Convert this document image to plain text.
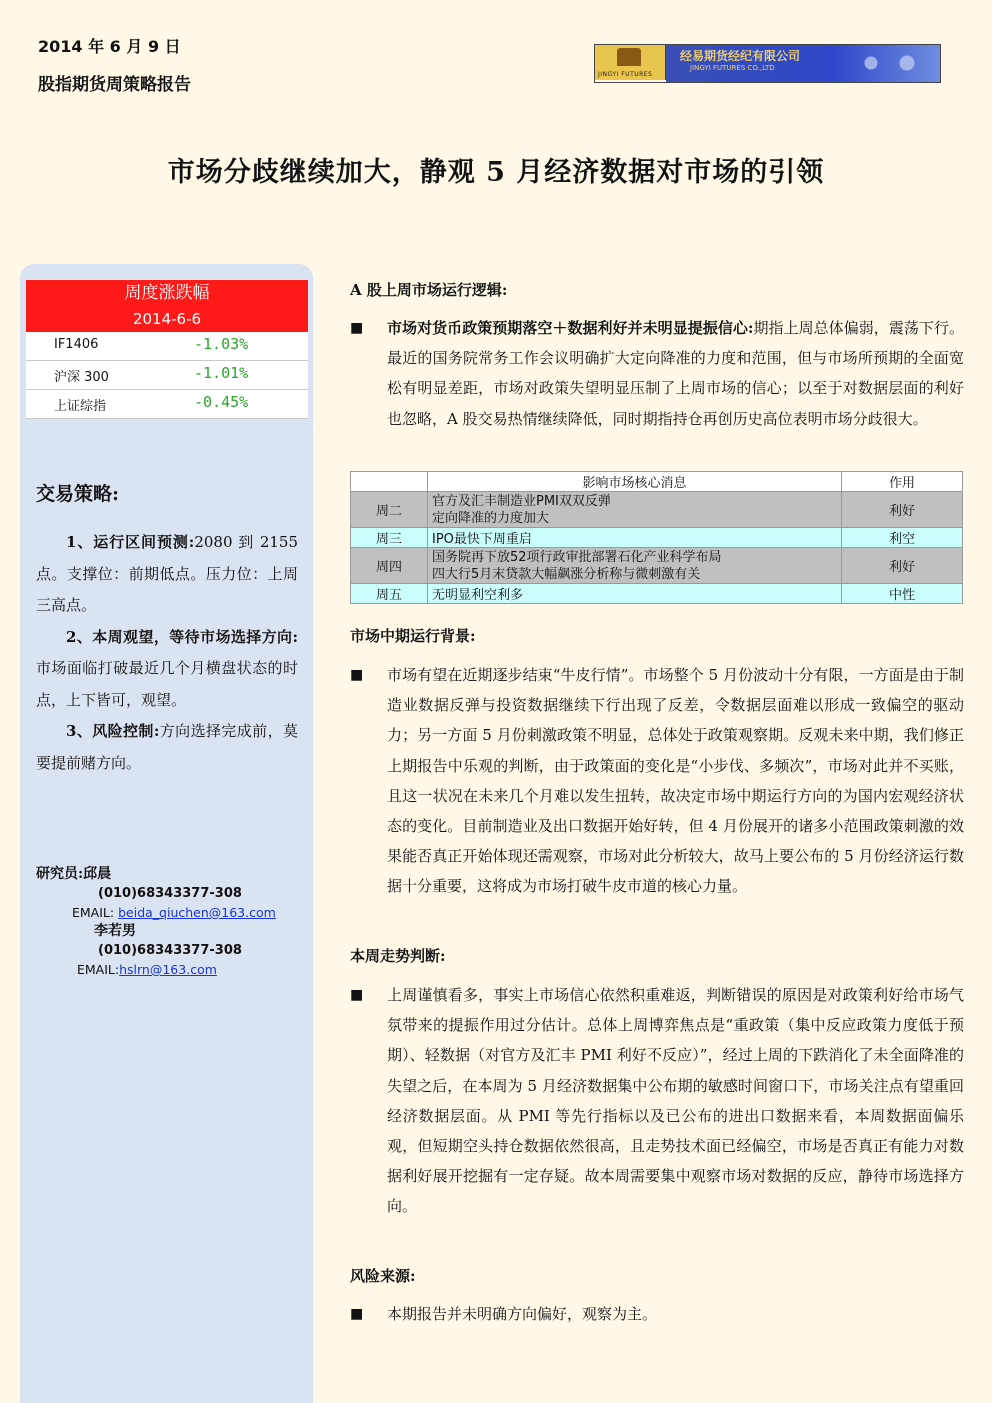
2014 年 6 月 9 日
股指期货周策略报告
JINGYI FUTURES
经易期货经纪有限公司
JINGYI FUTURES CO.,LTD
市场分歧继续加大，静观 5 月经济数据对市场的引领
周度涨跌幅
2014-6-6
IF1406	-1.03%
沪深 300	-1.01%
上证综指	-0.45%
交易策略:

1、运行区间预测:2080 到 2155 点。支撑位：前期低点。压力位：上周三高点。

2、本周观望，等待市场选择方向:市场面临打破最近几个月横盘状态的时点，上下皆可，观望。

3、风险控制:方向选择完成前，莫要提前赌方向。

研究员:邱晨
(010)68343377-308
EMAIL: beida_qiuchen@163.com
李若男
(010)68343377-308
EMAIL:hslrn@163.com
A 股上周市场运行逻辑:
■ 市场对货币政策预期落空＋数据利好并未明显提振信心:期指上周总体偏弱，震荡下行。最近的国务院常务工作会议明确扩大定向降准的力度和范围，但与市场所预期的全面宽松有明显差距，市场对政策失望明显压制了上周市场的信心；以至于对数据层面的利好也忽略，A 股交易热情继续降低，同时期指持仓再创历史高位表明市场分歧很大。
	影响市场核心消息	作用
周二	官方及汇丰制造业PMI双双反弹
定向降准的力度加大	利好
周三	IPO最快下周重启	利空
周四	国务院再下放52项行政审批部署石化产业科学布局
四大行5月末贷款大幅飙涨分析称与微刺激有关	利好
周五	无明显利空利多	中性
市场中期运行背景:
■ 市场有望在近期逐步结束“牛皮行情”。市场整个 5 月份波动十分有限，一方面是由于制造业数据反弹与投资数据继续下行出现了反差，令数据层面难以形成一致偏空的驱动力；另一方面 5 月份刺激政策不明显，总体处于政策观察期。反观未来中期，我们修正上期报告中乐观的判断，由于政策面的变化是“小步伐、多频次”，市场对此并不买账，且这一状况在未来几个月难以发生扭转，故决定市场中期运行方向的为国内宏观经济状态的变化。目前制造业及出口数据开始好转，但 4 月份展开的诸多小范围政策刺激的效果能否真正开始体现还需观察，市场对此分析较大，故马上要公布的 5 月份经济运行数据十分重要，这将成为市场打破牛皮市道的核心力量。
本周走势判断:
■ 上周谨慎看多，事实上市场信心依然积重难返，判断错误的原因是对政策利好给市场气氛带来的提振作用过分估计。总体上周博弈焦点是“重政策（集中反应政策力度低于预期）、轻数据（对官方及汇丰 PMI 利好不反应）”，经过上周的下跌消化了未全面降准的失望之后，在本周为 5 月经济数据集中公布期的敏感时间窗口下，市场关注点有望重回经济数据层面。从 PMI 等先行指标以及已公布的进出口数据来看，本周数据面偏乐观，但短期空头持仓数据依然很高，且走势技术面已经偏空，市场是否真正有能力对数据利好展开挖掘有一定存疑。故本周需要集中观察市场对数据的反应，静待市场选择方向。
风险来源:
■ 本期报告并未明确方向偏好，观察为主。
